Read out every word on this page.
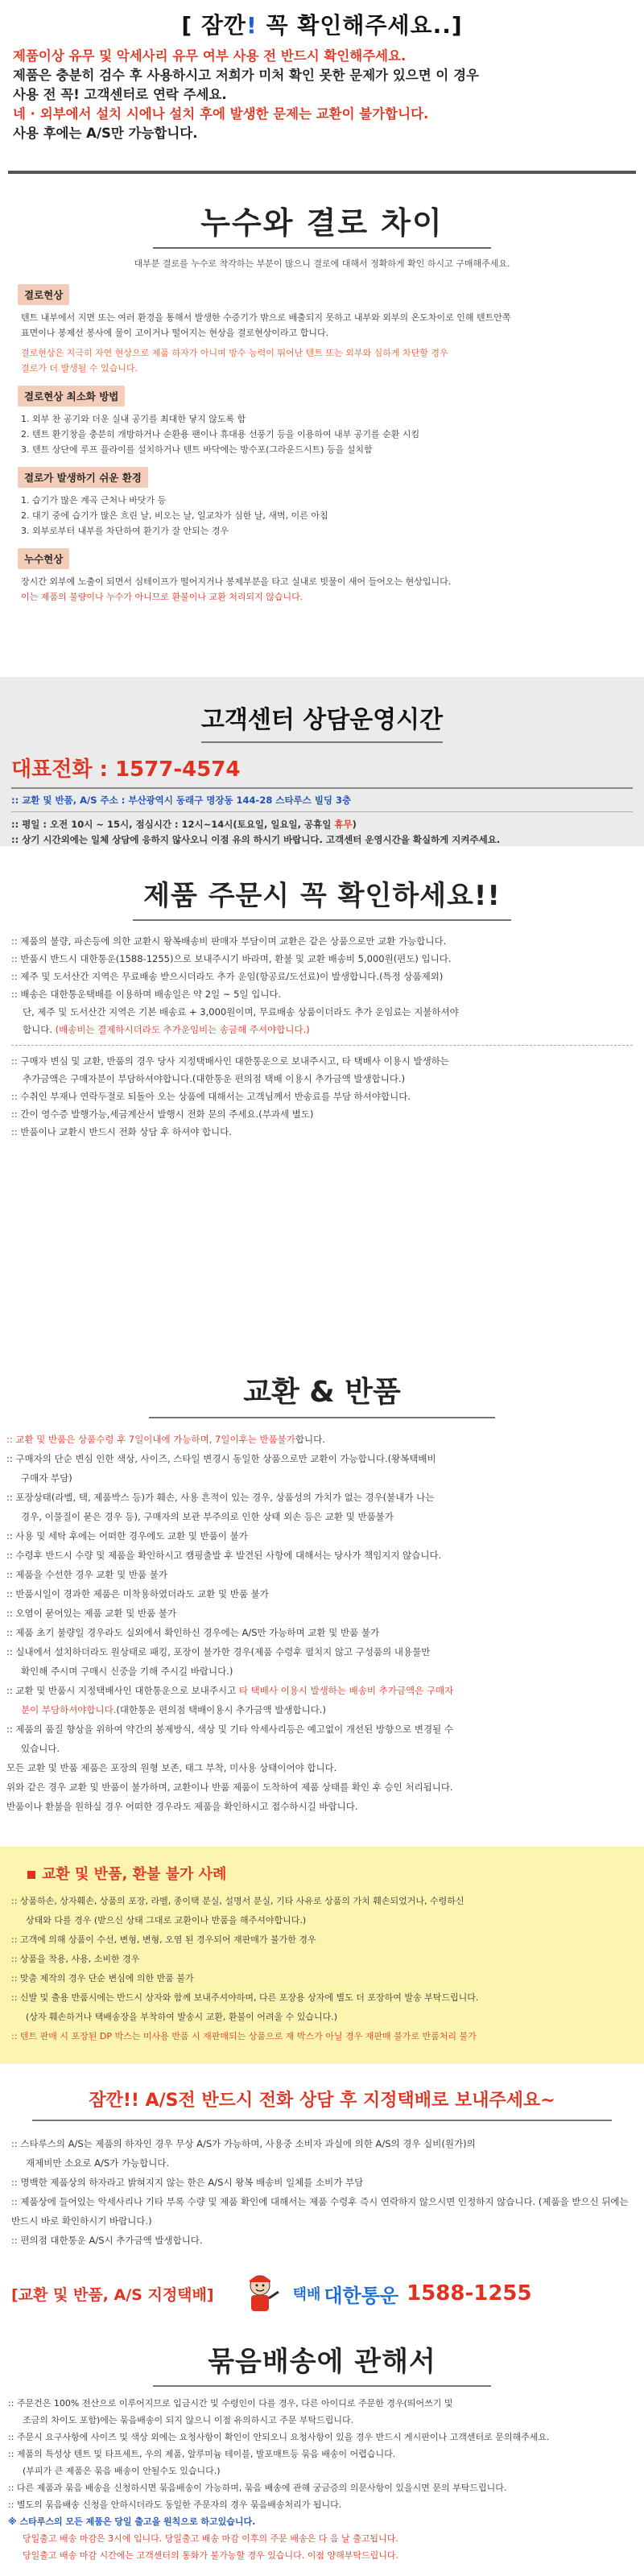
[ 잠깐! 꼭 확인해주세요..]
제품이상 유무 및 악세사리 유무 여부 사용 전 반드시 확인해주세요.
제품은 충분히 검수 후 사용하시고 저희가 미처 확인 못한 문제가 있으면 이 경우
사용 전 꼭! 고객센터로 연락 주세요.
네 · 외부에서 설치 시에나 설치 후에 발생한 문제는 교환이 불가합니다.
사용 후에는 A/S만 가능합니다.
누수와 결로 차이
대부분 결로를 누수로 착각하는 부분이 많으니 결로에 대해서 정확하게 확인 하시고 구매해주세요.
결로현상
텐트 내부에서 지면 또는 여러 환경을 통해서 발생한 수증기가 밖으로 배출되지 못하고 내부와 외부의 온도차이로 인해 텐트안쪽
표면이나 봉제선 봉사에 물이 고이거나 떨어지는 현상을 결로현상이라고 합니다.
결로현상은 지극히 자연 현상으로 제품 하자가 아니며 방수 능력이 뛰어난 텐트 또는 외부와 심하게 차단할 경우
결로가 더 발생될 수 있습니다.
결로현상 최소화 방법
1. 외부 찬 공기와 더운 실내 공기를 최대한 닿지 않도록 함
2. 텐트 환기창을 충분히 개방하거나 순환용 팬이나 휴대용 선풍기 등을 이용하여 내부 공기를 순환 시킴
3. 텐트 상단에 루프 플라이를 설치하거나 텐트 바닥에는 방수포(그라운드시트) 등을 설치함
결로가 발생하기 쉬운 환경
1. 습기가 많은 계곡 근처나 바닷가 등
2. 대기 중에 습기가 많은 흐린 날, 비오는 날, 일교차가 심한 날, 새벽, 이른 아침
3. 외부로부터 내부를 차단하여 환기가 잘 안되는 경우
누수현상
장시간 외부에 노출이 되면서 심테이프가 떨어지거나 봉제부분을 타고 실내로 빗물이 새어 들어오는 현상입니다.
이는 제품의 불량이나 누수가 아니므로 환불이나 교환 처리되지 않습니다.
고객센터 상담운영시간
대표전화 : 1577-4574
:: 교환 및 반품, A/S 주소 : 부산광역시 동래구 명장동 144-28 스타루스 빌딩 3층
:: 평일 : 오전 10시 ~ 15시, 점심시간 : 12시~14시(토요일, 일요일, 공휴일 휴무)
:: 상기 시간외에는 일체 상담에 응하지 않사오니 이점 유의 하시기 바랍니다. 고객센터 운영시간을 확실하게 지켜주세요.
제품 주문시 꼭 확인하세요!!
:: 제품의 불량, 파손등에 의한 교환시 왕복배송비 판매자 부담이며 교환은 같은 상품으로만 교환 가능합니다.
:: 반품시 반드시 대한통운(1588-1255)으로 보내주시기 바라며, 환불 및 교환 배송비 5,000원(편도) 입니다.
:: 제주 및 도서산간 지역은 무료배송 받으시더라도 추가 운임(항공료/도선료)이 발생합니다.(특정 상품제외)
:: 배송은 대한통운택배를 이용하며 배송일은 약 2일 ~ 5일 입니다.
단, 제주 및 도서산간 지역은 기본 배송료 + 3,000원이며, 무료배송 상품이더라도 추가 운임료는 지불하셔야
합니다. (배송비는 결제하시더라도 추가운임비는 송금해 주셔야합니다.)
:: 구매자 변심 및 교환, 반품의 경우 당사 지정택배사인 대한통운으로 보내주시고, 타 택배사 이용시 발생하는
추가금액은 구매자분이 부담하셔야합니다.(대한통운 편의점 택배 이용시 추가금액 발생합니다.)
:: 수취인 부재나 연락두절로 되돌아 오는 상품에 대해서는 고객님께서 반송료를 부담 하셔야합니다.
:: 간이 영수증 발행가능,세금계산서 발행시 전화 문의 주세요.(부과세 별도)
:: 반품이나 교환시 반드시 전화 상담 후 하셔야 합니다.
교환 & 반품
:: 교환 및 반품은 상품수령 후 7일이내에 가능하며, 7일이후는 반품불가합니다.
:: 구매자의 단순 변심 인한 색상, 사이즈, 스타일 변경시 동일한 상품으로만 교환이 가능합니다.(왕복택배비
구매자 부담)
:: 포장상태(라벨, 택, 제품박스 등)가 훼손, 사용 흔적이 있는 경우, 상품성의 가치가 없는 경우(불내가 나는
경우, 이물질이 묻은 경우 등), 구매자의 보관 부주의로 인한 상태 외손 등은 교환 및 반품불가
:: 사용 및 세탁 후에는 어떠한 경우에도 교환 및 반품이 불가
:: 수령후 반드시 수량 및 제품을 확인하시고 캠핑출발 후 발견된 사항에 대해서는 당사가 책임지지 않습니다.
:: 제품을 수선한 경우 교환 및 반품 불가
:: 반품시일이 경과한 제품은 미착용하였더라도 교환 및 반품 불가
:: 오염이 묻어있는 제품 교환 및 반품 불가
:: 제품 초기 불량일 경우라도 실외에서 확인하신 경우에는 A/S만 가능하며 교환 및 반품 불가
:: 실내에서 설치하더라도 원상태로 패킹, 포장이 불가한 경우(제품 수령후 펼치지 않고 구성품의 내용물만
확인해 주시며 구매시 신중을 기해 주시길 바랍니다.)
:: 교환 및 반품시 지정택배사인 대한통운으로 보내주시고 타 택배사 이용시 발생하는 배송비 추가금액은 구매자
분이 부담하셔야합니다.(대한통운 편의점 택배이용시 추가금액 발생합니다.)
:: 제품의 품질 향상을 위하여 약간의 봉제방식, 색상 및 기타 악세사리등은 예고없이 개선된 방향으로 변경될 수
있습니다.
모든 교환 및 반품 제품은 포장의 원형 보존, 태그 부착, 미사용 상태이어야 합니다.
위와 같은 경우 교환 및 반품이 불가하며, 교환이나 반품 제품이 도착하여 제품 상태를 확인 후 승인 처리됩니다.
반품이나 환불을 원하실 경우 어떠한 경우라도 제품을 확인하시고 접수하시길 바랍니다.
교환 및 반품, 환불 불가 사례
:: 상품하손, 상자훼손, 상품의 포장, 라벨, 종이택 분실, 설명서 분실, 기타 사유로 상품의 가치 훼손되었거나, 수령하신
상태와 다를 경우 (받으신 상태 그대로 교환이나 반품을 해주셔야합니다.)
:: 고객에 의해 상품이 수선, 변형, 변형, 오염 된 경우되어 재판매가 불가한 경우
:: 상품을 착용, 사용, 소비한 경우
:: 맞춤 제작의 경우 단순 변심에 의한 반품 불가
:: 신발 및 출용 반품시에는 반드시 상자와 함께 보내주셔야하며, 다른 포장용 상자에 별도 더 포장하여 발송 부탁드립니다.
(상자 훼손하거나 택배송장을 부착하여 발송시 교환, 환불이 어려울 수 있습니다.)
:: 텐트 판매 시 포장된 DP 박스는 미사용 반품 시 재판매되는 상품으로 재 박스가 아닐 경우 재판매 불가로 반품처리 불가
잠깐!! A/S전 반드시 전화 상담 후 지정택배로 보내주세요~
:: 스타루스의 A/S는 제품의 하자인 경우 무상 A/S가 가능하며, 사용중 소비자 과실에 의한 A/S의 경우 실비(원가)의
재제비만 소요로 A/S가 가능합니다.
:: 명백한 제품상의 하자라고 밝혀지지 않는 한은 A/S시 왕복 배송비 일체를 소비가 부담
:: 제품상에 들어있는 악세사리나 기타 부록 수량 및 제품 확인에 대해서는 제품 수령후 즉시 연락하지 않으시면 인정하지 않습니다. (제품을 받으신 뒤에는 반드시 바로 확인하시기 바랍니다.)
:: 편의점 대한통운 A/S시 추가금액 발생합니다.
[교환 및 반품, A/S 지정택배]	택배 대한통운 1588-1255
묶음배송에 관해서
:: 주문건은 100% 전산으로 이루어지므로 입금시간 및 수령인이 다를 경우, 다른 아이디로 주문한 경우(띄어쓰기 및
조금의 차이도 포함)에는 묶음배송이 되지 않으니 이점 유의하시고 주문 부탁드립니다.
:: 주문시 요구사항에 사이즈 및 색상 외에는 요청사항이 확인이 안되오니 요청사항이 있을 경우 반드시 게시판이나 고객센터로 문의해주세요.
:: 제품의 특성상 텐트 및 타프세트, 우의 제품, 알루미늄 테이블, 발포매트등 묶음 배송이 어렵습니다.
(부피가 큰 제품은 묶음 배송이 안될수도 있습니다.)
:: 다른 제품과 묶음 배송을 신청하시면 묶음배송이 가능하며, 묶음 배송에 관해 궁금증의 의문사항이 있을시면 문의 부탁드립니다.
:: 별도의 묶음배송 신청을 안하시더라도 동일한 주문자의 경우 묶음배송처리가 됩니다.
※ 스타루스의 모든 제품은 당일 출고을 원칙으로 하고있습니다.
당일출고 배송 마감은 3시에 입니다. 당일출고 배송 마감 이후의 주문 배송은 다 음 날 출고됩니다.
당일출고 배송 마감 시간에는 고객센터의 통화가 불가능할 경우 있습니다. 이점 양해부탁드립니다.
